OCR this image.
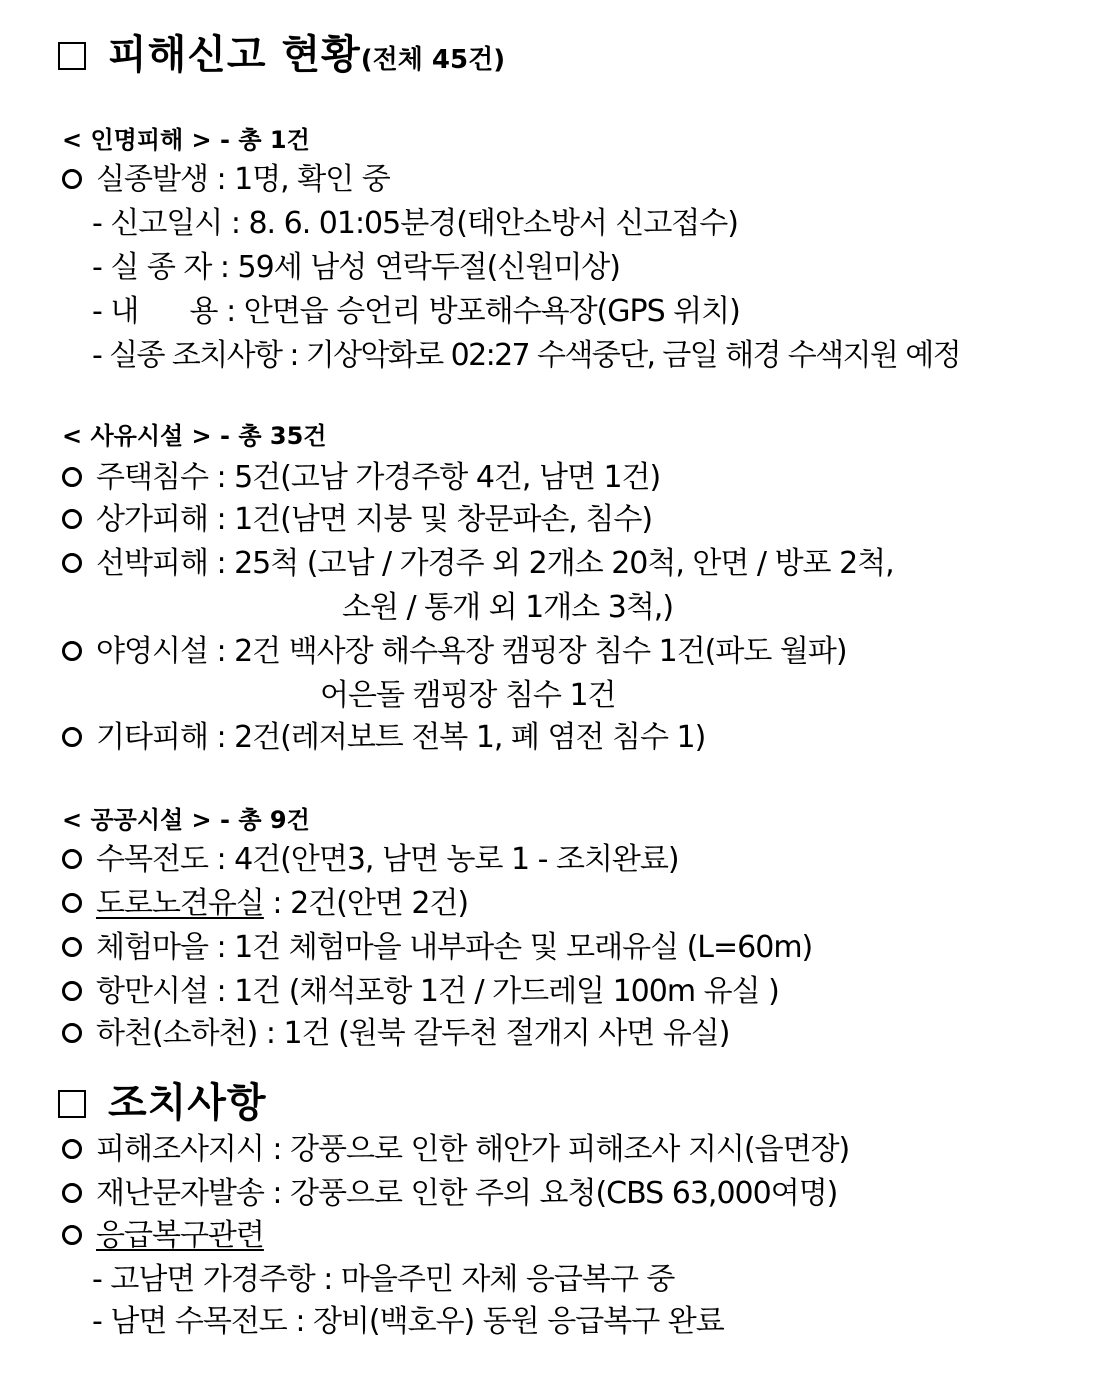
피해신고 현황(전체 45건)
< 인명피해 > - 총 1건
실종발생 : 1명, 확인 중
- 신고일시 : 8. 6. 01:05분경(태안소방서 신고접수)
- 실 종 자 : 59세 남성 연락두절(신원미상)
- 내      용 : 안면읍 승언리 방포해수욕장(GPS 위치)
- 실종 조치사항 : 기상악화로 02:27 수색중단, 금일 해경 수색지원 예정
< 사유시설 > - 총 35건
주택침수 : 5건(고남 가경주항 4건, 남면 1건)
상가피해 : 1건(남면 지붕 및 창문파손, 침수)
선박피해 : 25척 (고남 / 가경주 외 2개소 20척, 안면 / 방포 2척,
소원 / 통개 외 1개소 3척,)
야영시설 : 2건 백사장 해수욕장 캠핑장 침수 1건(파도 월파)
어은돌 캠핑장 침수 1건
기타피해 : 2건(레저보트 전복 1, 폐 염전 침수 1)
< 공공시설 > - 총 9건
수목전도 : 4건(안면3, 남면 농로 1 - 조치완료)
도로노견유실 : 2건(안면 2건)
체험마을 : 1건 체험마을 내부파손 및 모래유실 (L=60m)
항만시설 : 1건 (채석포항 1건 / 가드레일 100m 유실 )
하천(소하천) : 1건 (원북 갈두천 절개지 사면 유실)
조치사항
피해조사지시 : 강풍으로 인한 해안가 피해조사 지시(읍면장)
재난문자발송 : 강풍으로 인한 주의 요청(CBS 63,000여명)
응급복구관련
- 고남면 가경주항 : 마을주민 자체 응급복구 중
- 남면 수목전도 : 장비(백호우) 동원 응급복구 완료
